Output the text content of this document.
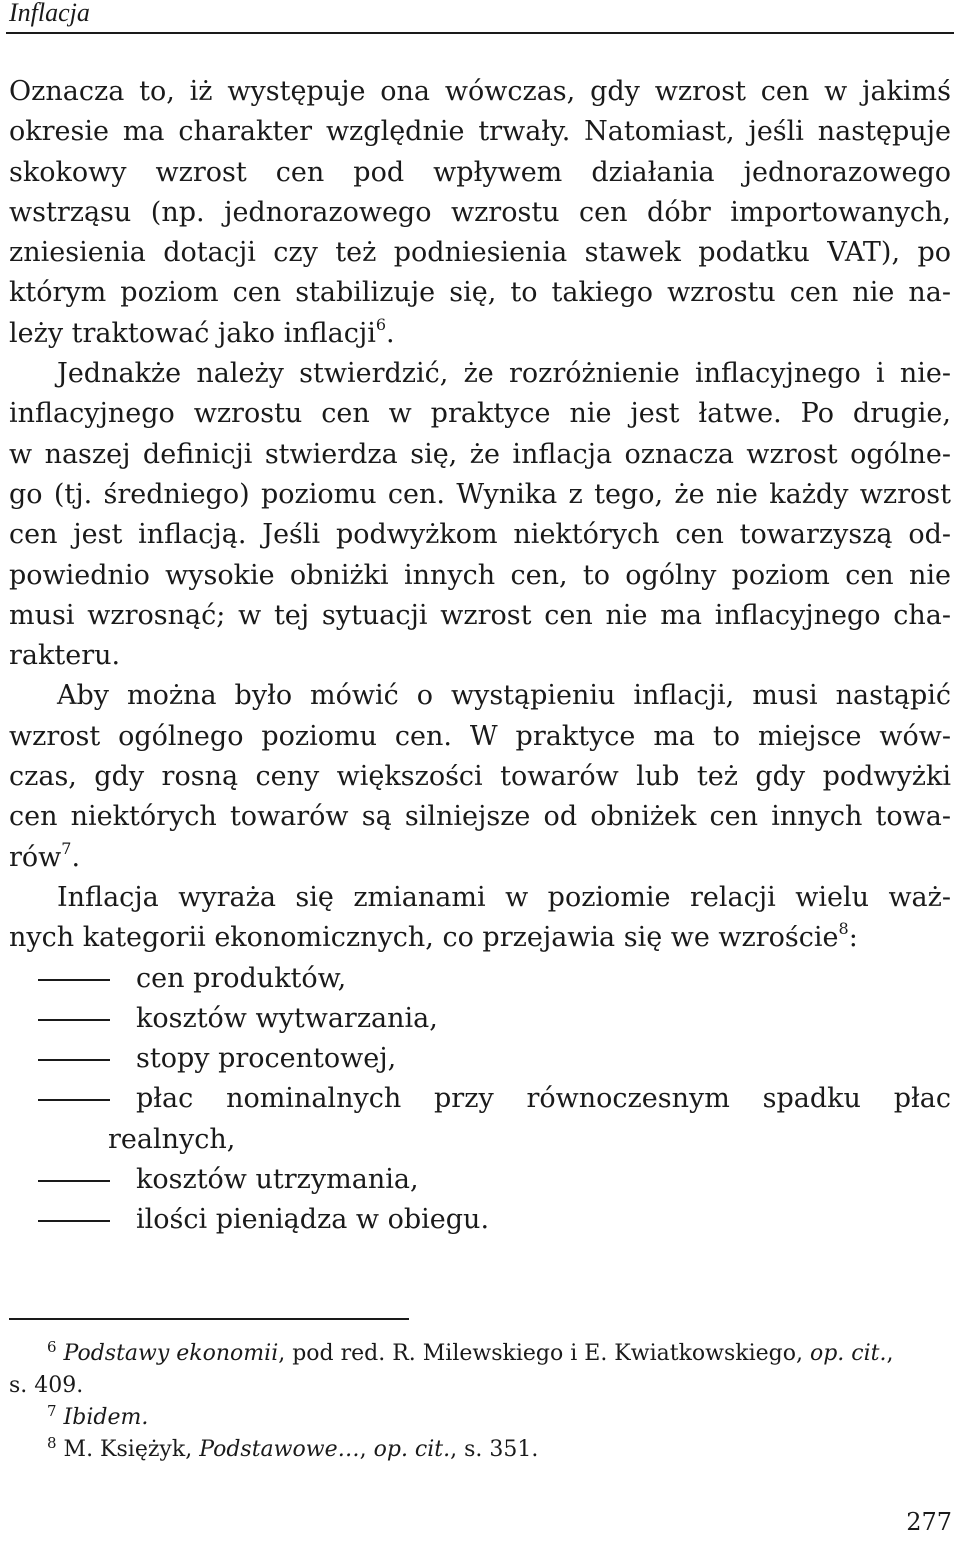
Inflacja
Oznacza to, iż występuje ona wówczas, gdy wzrost cen w jakimś
okresie ma charakter względnie trwały. Natomiast, jeśli następuje
skokowy wzrost cen pod wpływem działania jednorazowego
wstrząsu (np. jednorazowego wzrostu cen dóbr importowanych,
zniesienia dotacji czy też podniesienia stawek podatku VAT), po
którym poziom cen stabilizuje się, to takiego wzrostu cen nie na-
leży traktować jako inflacji$^6$.
Jednakże należy stwierdzić, że rozróżnienie inflacyjnego i nie-
inflacyjnego wzrostu cen w praktyce nie jest łatwe. Po drugie,
w naszej definicji stwierdza się, że inflacja oznacza wzrost ogólne-
go (tj. średniego) poziomu cen. Wynika z tego, że nie każdy wzrost
cen jest inflacją. Jeśli podwyżkom niektórych cen towarzyszą od-
powiednio wysokie obniżki innych cen, to ogólny poziom cen nie
musi wzrosnąć; w tej sytuacji wzrost cen nie ma inflacyjnego cha-
rakteru.
Aby można było mówić o wystąpieniu inflacji, musi nastąpić
wzrost ogólnego poziomu cen. W praktyce ma to miejsce wów-
czas, gdy rosną ceny większości towarów lub też gdy podwyżki
cen niektórych towarów są silniejsze od obniżek cen innych towa-
rów$^7$.
Inflacja wyraża się zmianami w poziomie relacji wielu waż-
nych kategorii ekonomicznych, co przejawia się we wzroście$^8$:
cen produktów,
kosztów wytwarzania,
stopy procentowej,
płac nominalnych przy równoczesnym spadku płac
realnych,
kosztów utrzymania,
ilości pieniądza w obiegu.
$^6$ Podstawy ekonomii, pod red. R. Milewskiego i E. Kwiatkowskiego, op. cit.,
s. 409.
$^7$ Ibidem.
$^8$ M. Księżyk, Podstawowe…, op. cit., s. 351.
277
